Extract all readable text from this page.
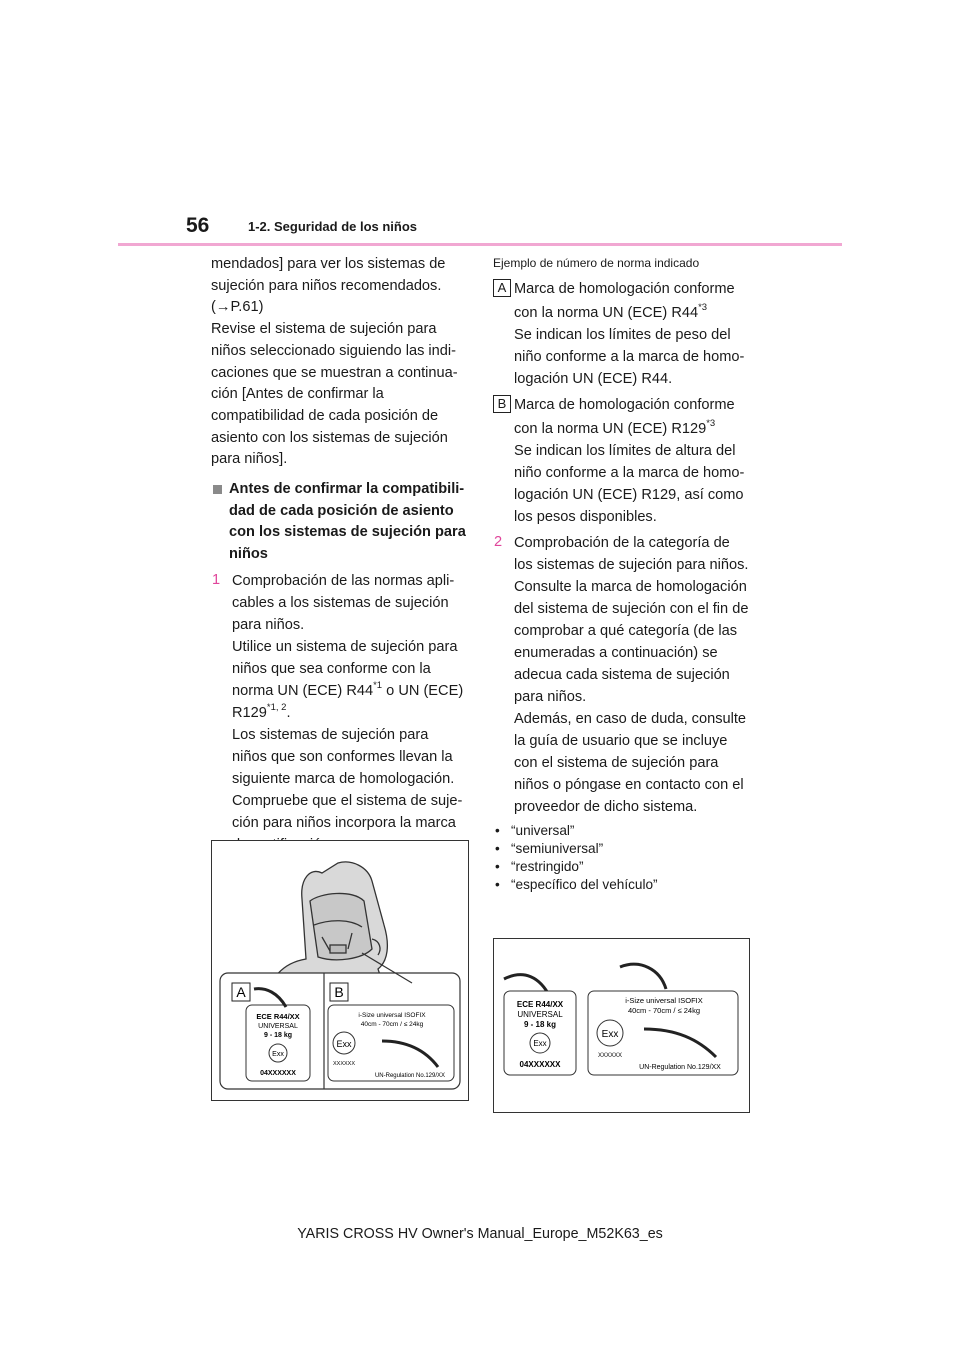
56	1-2. Seguridad de los niños

mendados] para ver los sistemas de

sujeción para niños recomendados.

(→P.61)

Revise el sistema de sujeción para

niños seleccionado siguiendo las indi-

caciones que se muestran a continua-

ción [Antes de confirmar la

compatibilidad de cada posición de

asiento con los sistemas de sujeción

para niños].

Antes de confirmar la compatibili-

dad de cada posición de asiento

con los sistemas de sujeción para

niños

1 Comprobación de las normas apli-

cables a los sistemas de sujeción

para niños.

Utilice un sistema de sujeción para

niños que sea conforme con la

norma UN (ECE) R44$^{*1}$ o UN (ECE)

R129$^{*1, 2}$.

Los sistemas de sujeción para

niños que son conformes llevan la

siguiente marca de homologación.

Compruebe que el sistema de suje-

ción para niños incorpora la marca

Ejemplo de número de norma indicado

A Marca de homologación conforme

con la norma UN (ECE) R44$^{*3}$

Se indican los límites de peso del

niño conforme a la marca de homo-

logación UN (ECE) R44.

B Marca de homologación conforme

con la norma UN (ECE) R129$^{*3}$

Se indican los límites de altura del

niño conforme a la marca de homo-

logación UN (ECE) R129, así como

los pesos disponibles.

2 Comprobación de la categoría de

los sistemas de sujeción para niños.

Consulte la marca de homologación

del sistema de sujeción con el fin de

comprobar a qué categoría (de las

enumeradas a continuación) se

adecua cada sistema de sujeción

para niños.

Además, en caso de duda, consulte

la guía de usuario que se incluye

con el sistema de sujeción para

niños o póngase en contacto con el

proveedor de dicho sistema.

• “universal”
• “semiuniversal”
• “restringido”
• “específico del vehículo”
A	B
ECE R44/XX
UNIVERSAL
9 - 18 kg
Exx
04XXXXXX
i-Size universal ISOFIX
40cm - 70cm / ≤ 24kg
Exx
XXXXXX
UN-Regulation No.129/XX
ECE R44/XX
UNIVERSAL
9 - 18 kg
Exx
04XXXXXX
i-Size universal ISOFIX
40cm - 70cm / ≤ 24kg
Exx
XXXXXX
UN-Regulation No.129/XX
YARIS CROSS HV Owner's Manual_Europe_M52K63_es
